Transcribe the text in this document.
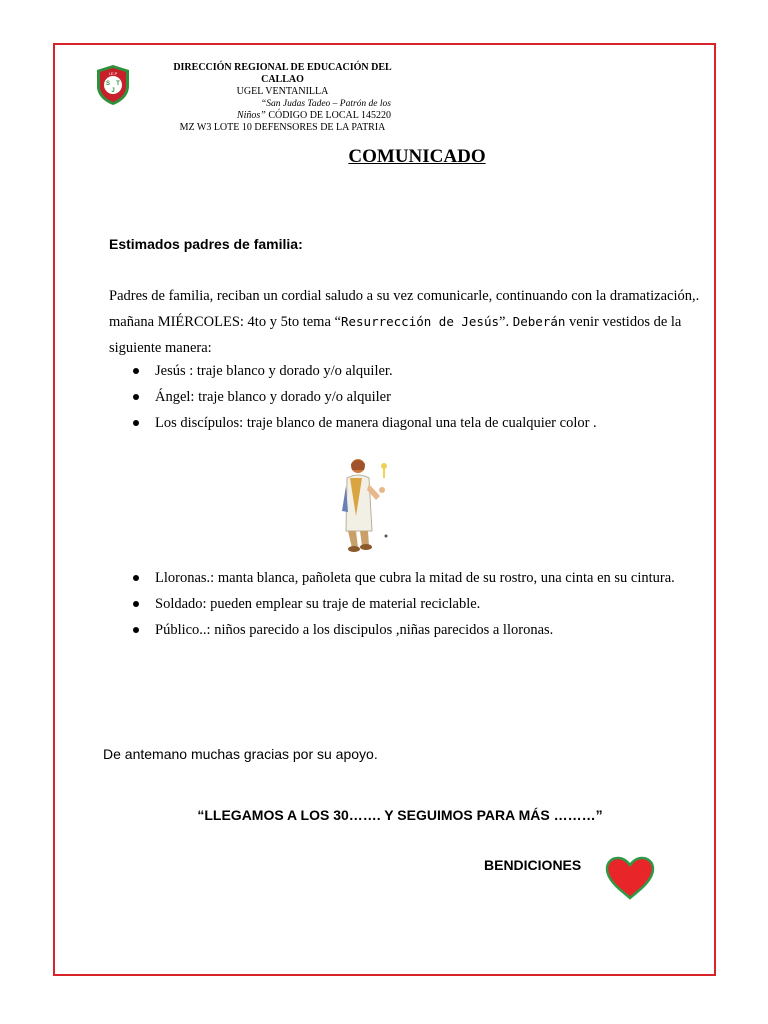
I.E.P
S T
J
DIRECCIÓN REGIONAL DE EDUCACIÓN DEL CALLAO
UGEL VENTANILLA
“San Judas Tadeo – Patrón de los
Niños” CÓDIGO DE LOCAL 145220
MZ W3 LOTE 10 DEFENSORES DE LA PATRIA
COMUNICADO
Estimados padres de familia:
Padres de familia, reciban un cordial saludo a su vez comunicarle, continuando con la dramatización,. mañana MIÉRCOLES: 4to y 5to tema “Resurrección de Jesús”. Deberán venir vestidos de la siguiente manera:
Jesús : traje blanco y dorado y/o alquiler.
Ángel: traje blanco y dorado y/o alquiler
Los discípulos: traje blanco de manera diagonal una tela de cualquier color .
Lloronas.: manta blanca, pañoleta que cubra la mitad de su rostro, una cinta en su cintura.
Soldado: pueden emplear su traje de material reciclable.
Público..: niños parecido a los discipulos ,niñas parecidos a lloronas.
De antemano muchas gracias por su apoyo.
“LLEGAMOS A LOS 30……. Y SEGUIMOS PARA MÁS ………”
BENDICIONES
